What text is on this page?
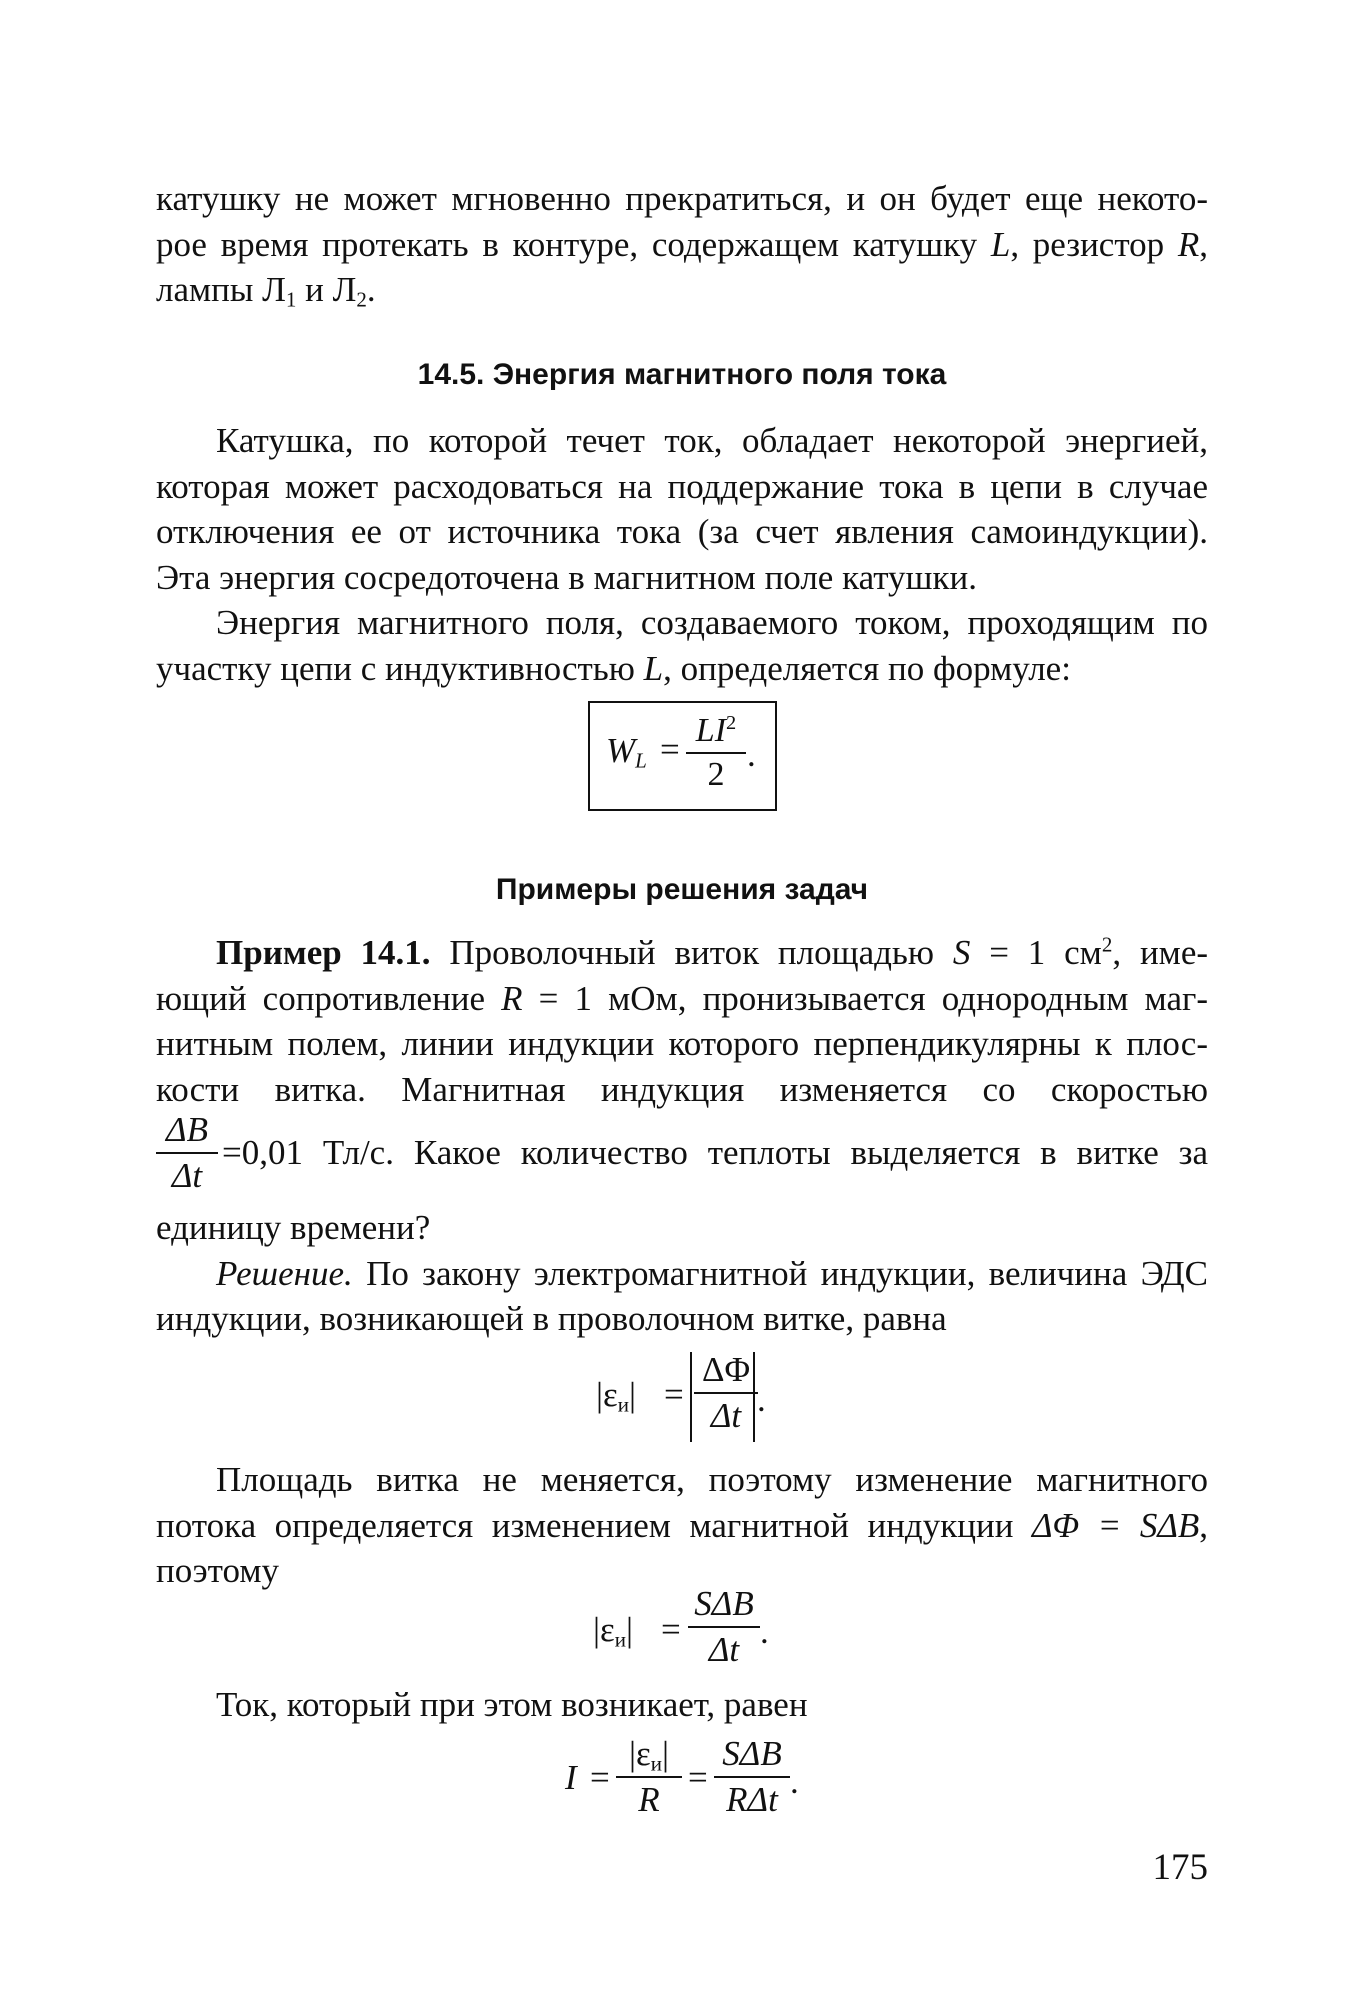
катушку не может мгновенно прекратиться, и он будет еще некото-

рое время протекать в контуре, содержащем катушку L, резистор R,

лампы $Л_1$ и $Л_2$.

14.5. Энергия магнитного поля тока

Катушка, по которой течет ток, обладает некоторой энергией, которая может расходоваться на поддержание тока в цепи в случае отключения ее от источника тока (за счет явления самоиндукции). Эта энергия сосредоточена в магнитном поле катушки.

Энергия магнитного поля, создаваемого током, проходящим по участку цепи с индуктивностью L, определяется по формуле:

$W_L = LI^2$
2
.
Примеры решения задач

Пример 14.1. Проволочный виток площадью S = 1 $см^2$, име-

ющий сопротивление R = 1 мОм, пронизывается однородным маг-

нитным полем, линии индукции которого перпендикулярны к плос-

кости витка. Магнитная индукция изменяется со скоростью

ΔB
Δt
=0,01 Тл/с. Какое количество теплоты выделяется в витке за

единицу времени?

Решение. По закону электромагнитной индукции, величина ЭДС индукции, возникающей в проволочном витке, равна

$|\varepsilon_и|$ =
ΔΦ
Δt .

Площадь витка не меняется, поэтому изменение магнитного потока определяется изменением магнитной индукции ΔΦ = SΔB, поэтому

$|\varepsilon_и|$ =
SΔB
Δt .

Ток, который при этом возникает, равен

I =
$|\varepsilon_и|$
R
=
SΔB
RΔt .
175
